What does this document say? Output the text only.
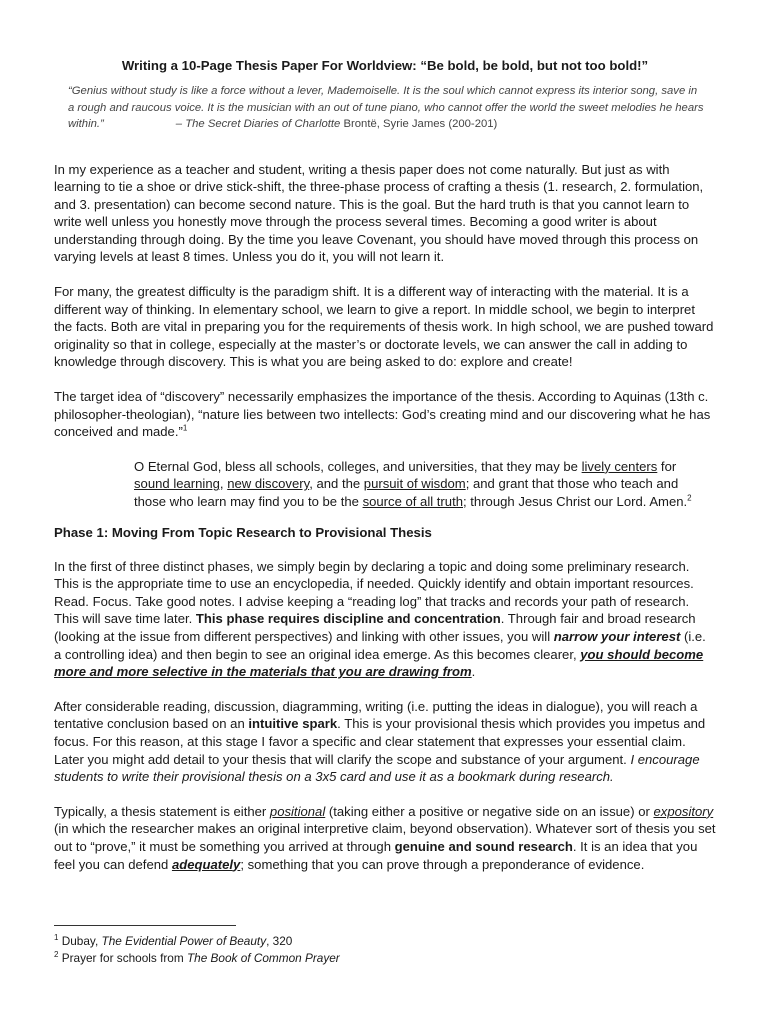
Writing a 10-Page Thesis Paper For Worldview: “Be bold, be bold, but not too bold!”
“Genius without study is like a force without a lever, Mademoiselle. It is the soul which cannot express its interior song, save in a rough and raucous voice. It is the musician with an out of tune piano, who cannot offer the world the sweet melodies he hears within.”	– The Secret Diaries of Charlotte Brontë, Syrie James (200-201)

In my experience as a teacher and student, writing a thesis paper does not come naturally. But just as with learning to tie a shoe or drive stick-shift, the three-phase process of crafting a thesis (1. research, 2. formulation, and 3. presentation) can become second nature. This is the goal. But the hard truth is that you cannot learn to write well unless you honestly move through the process several times. Becoming a good writer is about understanding through doing. By the time you leave Covenant, you should have moved through this process on varying levels at least 8 times. Unless you do it, you will not learn it.

For many, the greatest difficulty is the paradigm shift. It is a different way of interacting with the material. It is a different way of thinking. In elementary school, we learn to give a report. In middle school, we begin to interpret the facts. Both are vital in preparing you for the requirements of thesis work. In high school, we are pushed toward originality so that in college, especially at the master’s or doctorate levels, we can answer the call in adding to knowledge through discovery. This is what you are being asked to do: explore and create!

The target idea of “discovery” necessarily emphasizes the importance of the thesis. According to Aquinas (13th c. philosopher-theologian), “nature lies between two intellects: God’s creating mind and our discovering what he has conceived and made.”$^1$

O Eternal God, bless all schools, colleges, and universities, that they may be lively centers for sound learning, new discovery, and the pursuit of wisdom; and grant that those who teach and those who learn may find you to be the source of all truth; through Jesus Christ our Lord. Amen.$^2$
Phase 1: Moving From Topic Research to Provisional Thesis

In the first of three distinct phases, we simply begin by declaring a topic and doing some preliminary research. This is the appropriate time to use an encyclopedia, if needed. Quickly identify and obtain important resources. Read. Focus. Take good notes. I advise keeping a “reading log” that tracks and records your path of research. This will save time later. This phase requires discipline and concentration. Through fair and broad research (looking at the issue from different perspectives) and linking with other issues, you will narrow your interest (i.e. a controlling idea) and then begin to see an original idea emerge. As this becomes clearer, you should become more and more selective in the materials that you are drawing from.

After considerable reading, discussion, diagramming, writing (i.e. putting the ideas in dialogue), you will reach a tentative conclusion based on an intuitive spark. This is your provisional thesis which provides you impetus and focus. For this reason, at this stage I favor a specific and clear statement that expresses your essential claim. Later you might add detail to your thesis that will clarify the scope and substance of your argument. I encourage students to write their provisional thesis on a 3x5 card and use it as a bookmark during research.

Typically, a thesis statement is either positional (taking either a positive or negative side on an issue) or expository (in which the researcher makes an original interpretive claim, beyond observation). Whatever sort of thesis you set out to “prove,” it must be something you arrived at through genuine and sound research. It is an idea that you feel you can defend adequately; something that you can prove through a preponderance of evidence.

$^1$ Dubay, The Evidential Power of Beauty, 320
$^2$ Prayer for schools from The Book of Common Prayer
